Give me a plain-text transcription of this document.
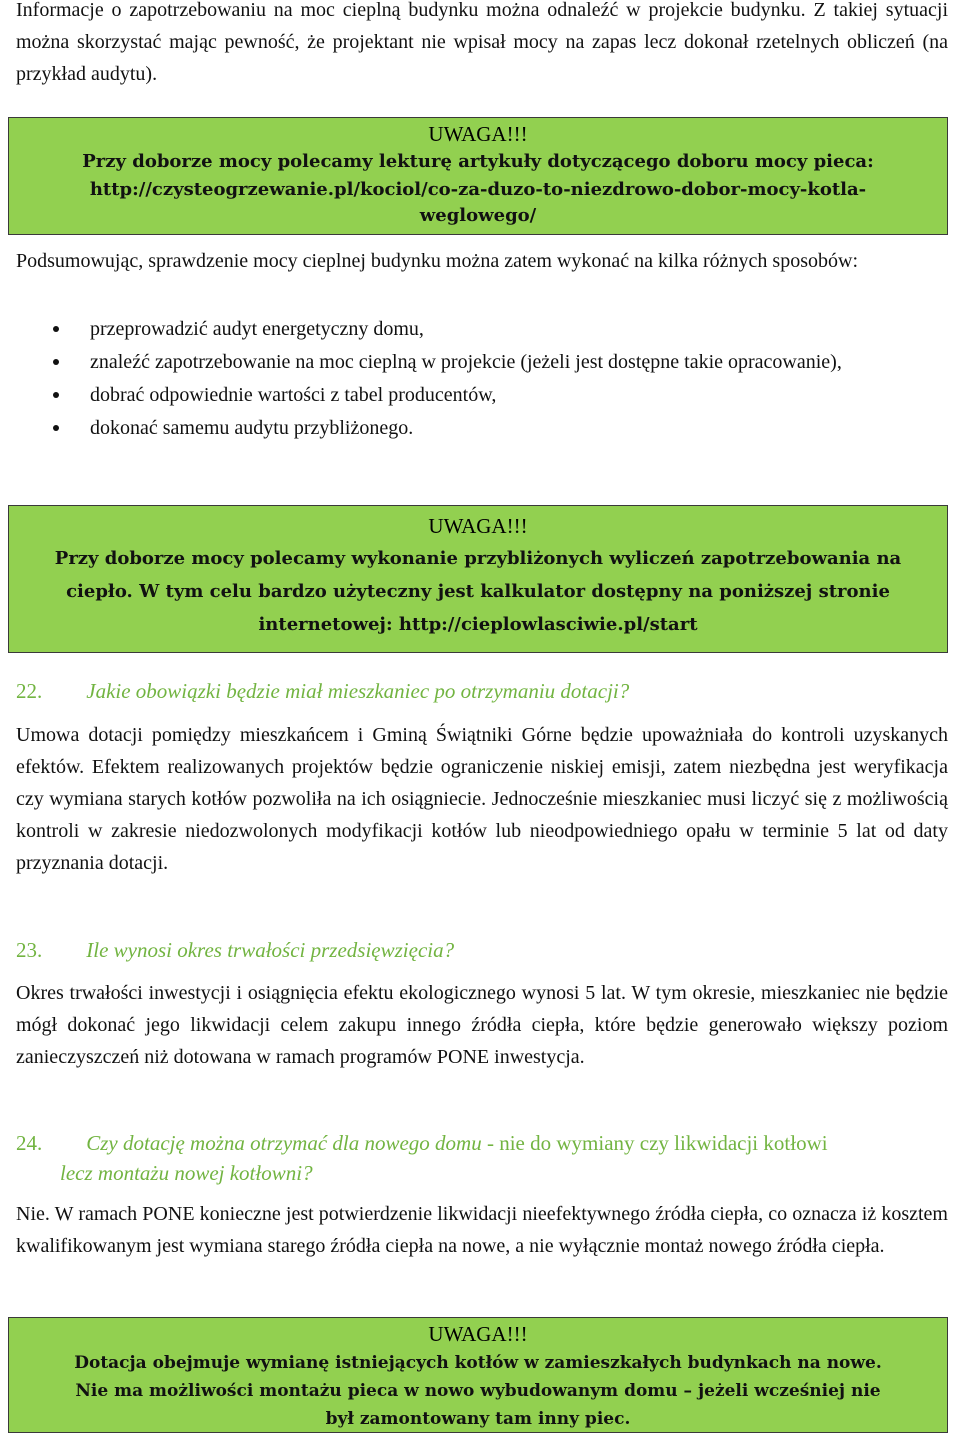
Informacje o zapotrzebowaniu na moc cieplną budynku można odnaleźć w projekcie budynku. Z takiej sytuacji można skorzystać mając pewność, że projektant nie wpisał mocy na zapas lecz dokonał rzetelnych obliczeń (na przykład audytu).

UWAGA!!!
Przy doborze mocy polecamy lekturę artykuły dotyczącego doboru mocy pieca:
http://czysteogrzewanie.pl/kociol/co-za-duzo-to-niezdrowo-dobor-mocy-kotla-
weglowego/

Podsumowując, sprawdzenie mocy cieplnej budynku można zatem wykonać na kilka różnych sposobów:

przeprowadzić audyt energetyczny domu,
znaleźć zapotrzebowanie na moc cieplną w projekcie (jeżeli jest dostępne takie opracowanie),
dobrać odpowiednie wartości z tabel producentów,
dokonać samemu audytu przybliżonego.
UWAGA!!!
Przy doborze mocy polecamy wykonanie przybliżonych wyliczeń zapotrzebowania na
ciepło. W tym celu bardzo użyteczny jest kalkulator dostępny na poniższej stronie
internetowej: http://cieplowlasciwie.pl/start
22. Jakie obowiązki będzie miał mieszkaniec po otrzymaniu dotacji?

Umowa dotacji pomiędzy mieszkańcem i Gminą Świątniki Górne będzie upoważniała do kontroli uzyskanych efektów. Efektem realizowanych projektów będzie ograniczenie niskiej emisji, zatem niezbędna jest weryfikacja czy wymiana starych kotłów pozwoliła na ich osiągniecie. Jednocześnie mieszkaniec musi liczyć się z możliwością kontroli w zakresie niedozwolonych modyfikacji kotłów lub nieodpowiedniego opału w terminie 5 lat od daty przyznania dotacji.

23. Ile wynosi okres trwałości przedsięwzięcia?

Okres trwałości inwestycji i osiągnięcia efektu ekologicznego wynosi 5 lat. W tym okresie, mieszkaniec nie będzie mógł dokonać jego likwidacji celem zakupu innego źródła ciepła, które będzie generowało większy poziom zanieczyszczeń niż dotowana w ramach programów PONE inwestycja.

24. Czy dotację można otrzymać dla nowego domu - nie do wymiany czy likwidacji kotłowi
lecz montażu nowej kotłowni?

Nie. W ramach PONE konieczne jest potwierdzenie likwidacji nieefektywnego źródła ciepła, co oznacza iż kosztem kwalifikowanym jest wymiana starego źródła ciepła na nowe, a nie wyłącznie montaż nowego źródła ciepła.

UWAGA!!!
Dotacja obejmuje wymianę istniejących kotłów w zamieszkałych budynkach na nowe.
Nie ma możliwości montażu pieca w nowo wybudowanym domu – jeżeli wcześniej nie
był zamontowany tam inny piec.
